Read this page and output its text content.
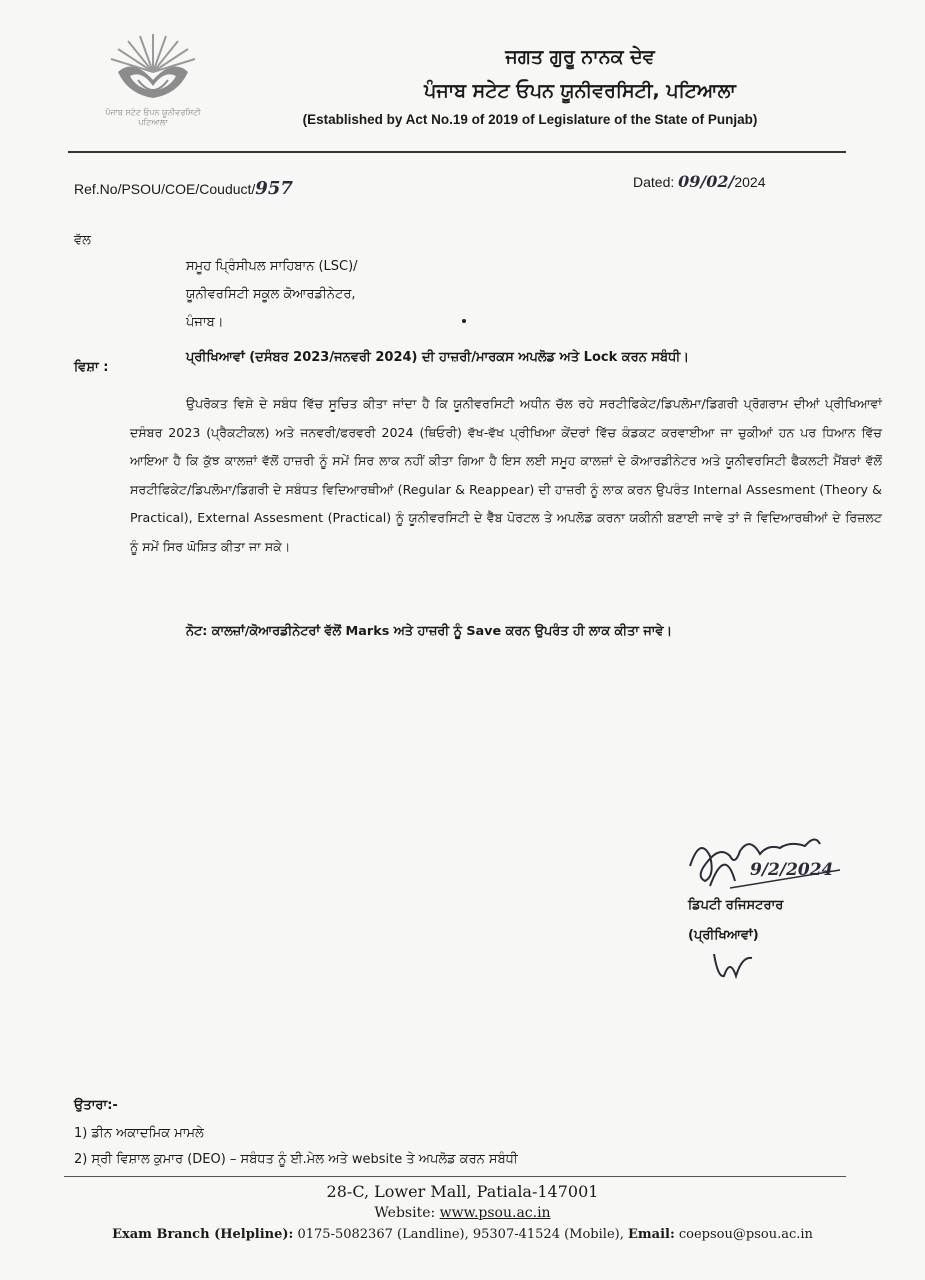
ਪੰਜਾਬ ਸਟੇਟ ਓਪਨ ਯੂਨੀਵਰਸਿਟੀ
ਪਟਿਆਲਾ
ਜਗਤ ਗੁਰੂ ਨਾਨਕ ਦੇਵ
ਪੰਜਾਬ ਸਟੇਟ ਓਪਨ ਯੂਨੀਵਰਸਿਟੀ, ਪਟਿਆਲਾ
(Established by Act No.19 of 2019 of Legislature of the State of Punjab)
Ref.No/PSOU/COE/Couduct/957	Dated: 09/02/2024
ਵੱਲ
ਸਮੂਹ ਪ੍ਰਿੰਸੀਪਲ ਸਾਹਿਬਾਨ (LSC)/
ਯੂਨੀਵਰਸਿਟੀ ਸਕੂਲ ਕੋਆਰਡੀਨੇਟਰ,
ਪੰਜਾਬ।
ਵਿਸ਼ਾ :
ਪ੍ਰੀਖਿਆਵਾਂ (ਦਸੰਬਰ 2023/ਜਨਵਰੀ 2024) ਦੀ ਹਾਜ਼ਰੀ/ਮਾਰਕਸ ਅਪਲੋਡ ਅਤੇ Lock ਕਰਨ ਸਬੰਧੀ।
ਉਪਰੋਕਤ ਵਿਸ਼ੇ ਦੇ ਸਬੰਧ ਵਿੱਚ ਸੂਚਿਤ ਕੀਤਾ ਜਾਂਦਾ ਹੈ ਕਿ ਯੂਨੀਵਰਸਿਟੀ ਅਧੀਨ ਚੱਲ ਰਹੇ ਸਰਟੀਫਿਕੇਟ/ਡਿਪਲੋਮਾ/ਡਿਗਰੀ ਪ੍ਰੋਗਰਾਮ ਦੀਆਂ ਪ੍ਰੀਖਿਆਵਾਂ ਦਸੰਬਰ 2023 (ਪ੍ਰੈਕਟੀਕਲ) ਅਤੇ ਜਨਵਰੀ/ਫਰਵਰੀ 2024 (ਥਿਓਰੀ) ਵੱਖ-ਵੱਖ ਪ੍ਰੀਖਿਆ ਕੇਂਦਰਾਂ ਵਿੱਚ ਕੰਡਕਟ ਕਰਵਾਈਆ ਜਾ ਚੁਕੀਆਂ ਹਨ ਪਰ ਧਿਆਨ ਵਿੱਚ ਆਇਆ ਹੈ ਕਿ ਕੁੱਝ ਕਾਲਜ਼ਾਂ ਵੱਲੋਂ ਹਾਜ਼ਰੀ ਨੂੰ ਸਮੇਂ ਸਿਰ ਲਾਕ ਨਹੀਂ ਕੀਤਾ ਗਿਆ ਹੈ ਇਸ ਲਈ ਸਮੂਹ ਕਾਲਜ਼ਾਂ ਦੇ ਕੋਆਰਡੀਨੇਟਰ ਅਤੇ ਯੂਨੀਵਰਸਿਟੀ ਫੈਕਲਟੀ ਮੈਂਬਰਾਂ ਵੱਲੋਂ ਸਰਟੀਫਿਕੇਟ/ਡਿਪਲੋਮਾ/ਡਿਗਰੀ ਦੇ ਸਬੰਧਤ ਵਿਦਿਆਰਥੀਆਂ (Regular & Reappear) ਦੀ ਹਾਜ਼ਰੀ ਨੂੰ ਲਾਕ ਕਰਨ ਉਪਰੰਤ Internal Assesment (Theory & Practical), External Assesment (Practical) ਨੂੰ ਯੂਨੀਵਰਸਿਟੀ ਦੇ ਵੈੱਬ ਪੋਰਟਲ ਤੇ ਅਪਲੋਡ ਕਰਨਾ ਯਕੀਨੀ ਬਣਾਈ ਜਾਵੇ ਤਾਂ ਜੋ ਵਿਦਿਆਰਥੀਆਂ ਦੇ ਰਿਜ਼ਲਟ ਨੂੰ ਸਮੇਂ ਸਿਰ ਘੋਸ਼ਿਤ ਕੀਤਾ ਜਾ ਸਕੇ।
ਨੋਟ: ਕਾਲਜ਼ਾਂ/ਕੋਆਰਡੀਨੇਟਰਾਂ ਵੱਲੋਂ Marks ਅਤੇ ਹਾਜ਼ਰੀ ਨੂੰ Save ਕਰਨ ਉਪਰੰਤ ਹੀ ਲਾਕ ਕੀਤਾ ਜਾਵੇ।
9/2/2024
ਡਿਪਟੀ ਰਜਿਸਟਰਾਰ
(ਪ੍ਰੀਖਿਆਵਾਂ)
ਉਤਾਰਾ:-
1) ਡੀਨ ਅਕਾਦਮਿਕ ਮਾਮਲੇ
2) ਸ੍ਰੀ ਵਿਸ਼ਾਲ ਕੁਮਾਰ (DEO) – ਸਬੰਧਤ ਨੂੰ ਈ.ਮੇਲ ਅਤੇ website ਤੇ ਅਪਲੋਡ ਕਰਨ ਸਬੰਧੀ
28-C, Lower Mall, Patiala-147001
Website: www.psou.ac.in
Exam Branch (Helpline): 0175-5082367 (Landline), 95307-41524 (Mobile), Email: coepsou@psou.ac.in
